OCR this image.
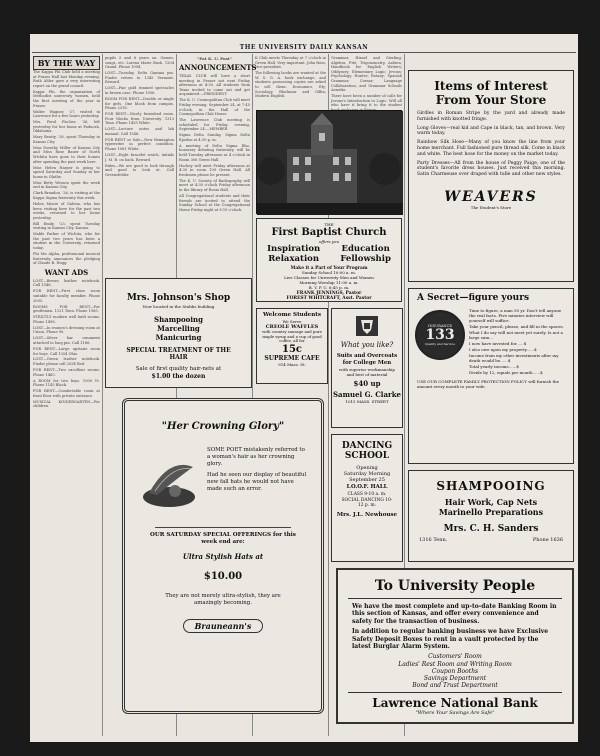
THE UNIVERSITY DAILY KANSAN
BY THE WAY

The Kappa Phi Club held a meeting at Fraser Hall last Monday evening. Ruth Ahler gave a very interesting report on the grand council.

Kappa Phi, the organization of Methodist university women, held the first meeting of the year in Fraser.

Walter Wagner, '27, visited in Lawrence for a few hours yesterday.

Mrs. Ferol Fischer, '26, left yesterday for her home at Paducah, Oklahoma.

Mary Beatty, '26, spent Thursday in Kansas City.

Miss Dorothy Miller of Kansas City and Miss Rose Bauer of North Wichita have gone to their homes after spending the past week here.

Miss Helen Harper is going to spend Saturday and Sunday in her home in Olathe.

Miss Betty Wesson spent the week end in Kansas City.

Clark Brandon, '26, is visiting at the Kappa Sigma fraternity this week.

Helen Moore of Galena, who has been visiting here for the past two weeks, returned to her home yesterday.

Bill Emily, '23, spent Tuesday visiting in Kansas City, Kansas.

Mable Parker of Wichita, who for the past two years has been a student in the University, returned today.

Phi Mu Alpha, professional musical fraternity, announces the pledging of Claude B. Hogg.

WANT ADS

LOST—Brown leather notebook. Call 1546.

FOR RENT—First class room suitable for faculty member. Phone 2005.

ROOMS FOR RENT—For gentlemen. 1121 Tenn. Phone 1965.

STRICTLY modern well built rooms. Phone 1498.

LOST—In women's dressing room at Union. Phone 90.

LOST—Silver bar ornament attached to long pin. Call 1186.

FOR RENT—Large upstairs room for boys. Call 1354 Ohio.

LOST—Green leather notebook. Finder please call 2054 Red.

FOR RENT—Two excellent rooms. Phone 1465.

A ROOM for two boys. 1000 Vt. Phone 1145 Black.

FOR RENT—Comfortable room at front floor with private entrance.

MUSICAL KINDERGARTEN—For children.

pupils 5 and 6 years on. Games, songs, etc. Lorena Marie Bush, 1204 Grand. Phone 1994.

LOST—Tuesday, Delta Gamma pin. Finder return to 1345 Vermont. Reward.

LOST—Pair gold rimmed spectacles in brown case. Phone 1936.

ROOM FOR RENT—Double or single for girls. One block from campus. Phone 2318.

FOR RENT—Nicely furnished room. Four blocks from University. 1313 Tenn. Phone 1455 White.

LOST—Lecture notes and lab manual. Call 1546.

FOR RENT or Sale—New Remington typewriter in perfect condition. Phone 1061 White.

LOST—Eight bracelet watch, initials J. M. B. on back. Reward.

Rides—We are good to look through and good to look at. Call Greensfelder.

"Pat K. U. Post"
ANNOUNCEMENTS

TEXAS CLUB will have a short meeting in Fraser not next Friday afternoon at 4:30. All students from Texas invited to come out and get acquainted.—PRESIDENT.

The K. U. Cosmopolitan Club will meet Friday evening, September 24, at 7:45 o'clock, in the Hall of the Cosmopolitan Club House.

The Lawrence Club meeting is scheduled for Friday evening, September 24.—MEMBER

Sigma Delta Sunday, Sigma Delta Epsilon at 4:30 p. m.

A meeting of Delta Sigma Rho, honorary debating fraternity, will be held Tuesday afternoon at 4 o'clock in Room 306 Green Hall.

Hockey will meet Friday afternoon at 4:30 in room 109 Green Hall. All freshmen please be present.

The K. U. Society of Radiography will meet at 4:30 o'clock Friday afternoon in the library of Room Hall.

All Congregational students and their friends are invited to attend the Sunday School at the Congregational Home Friday night at 8:15 o'clock.

K Club meets Thursday at 7 o'clock in Green Hall. Very important. John Ross, vice-president.

The following books are wanted at the W. S. G. A. book exchange, and students possessing copies are asked to sell them: Economics, Ely; Sociology, Blackmar and Gillin; Modern English.

Grammar, Hinsel and Sterling; Algebra, Fite; Trigonometry, Ashton; Handbook for English Writers; Oddyssey; Elementary Logic; Jevons; Psychology, Hunter; Botany; Spanish Grammar; Caesar; Language Collaboration; and Grammar Schools Aeneiks.

There have been a number of calls for Jevons's Introduction to Logic. Will all who have it bring it to the student

THE
First Baptist Church
offers you
Inspiration
Relaxation
Education
Fellowship
Make it a Part of Your Program
Sunday School 10:00 a. m.
Live Classes for University Men and Women
Morning Worship 11:00 a. m.
B. Y. P. U. 6:45 p. m.
FRANK JENNINGS, Pastor
FOREST WHITCRAFT, Asst. Pastor
Mrs. Johnson's Shop
Now located in the Stubbs building
Shampooing
Marcelling
Manicuring
SPECIAL TREATMENT OF THE HAIR
Sale of first quality hair-nets at
$1.00 the dozen
Welcome Students
We Serve
CREOLE WAFFLES
with country sausage and pure maple syrup and a cup of good coffee, all for
15c
SUPREME CAFE
914 Mass. St.
What you like?
Suits and Overcoats
for College Men
with superior workmanship and best of material
$40 up
Samuel G. Clarke
1015 MASS. STREET
"Her Crowning Glory"
SOME POET mistakenly referred to a woman's hair as her crowning glory.
Had he seen our display of beautiful new fall hats he would not have made such an error.
OUR SATURDAY SPECIAL OFFERINGS for this week end are:
Ultra Stylish Hats at
$10.00
They are not merely ultra-stylish, they are amazingly becoming.
Brauneann's
DANCING SCHOOL
Opening
Saturday Morning
September 25
I.O.O.F. HALL
CLASS 9-10 a. m.
SOCIAL DANCING 10-12 p. m.
Mrs. J.L. Newhouse
Items of Interest From Your Store

Girdles in Roman Stripe by the yard and already made furnished with knotted fringe.

Long Gloves—real kid and Cape in black, tan, and brown. Very warm today.

Rainbow Silk Hose—Many of you know the line from your home merchant. Full fashioned pure thread silk. Come in black and white. The best hose for the money on the market today.

Party Dresses—All from the house of Peggy Paige, one of the student's favorite dress houses. Just received this morning. Satin Charmeuse over draped with tulle and other new styles.

WEAVERS
The Student's Store
A Secret—figure yours
INSURANCE
133
Quality and Service
Time to figure, a man 50 yr. Don't tell anyone the real facts. Five minutes interview will yourself will suffice.
Take your pencil, please, and fill in the spaces.
What I do say will not meet yet surely. Is not a large sum...
I now have invested for......$
I also owe upon my property......$
Income from my other investments after my death would be......$
Total yearly income......$
Divide by 12, equals per month......$
USE OUR COMPLETE FAMILY PROTECTION POLICY will furnish the amount every month to your wife.
SHAMPOOING
Hair Work, Cap Nets
Marinello Preparations
Mrs. C. H. Sanders
1316 Tenn.	Phone 1636
To University People
We have the most complete and up-to-date Banking Room in this section of Kansas, and offer every convenience and safety for the transaction of business.
In addition to regular banking business we have Exclusive Safety Deposit Boxes to rent in a vault protected by the latest Burglar Alarm System.
Customers' Room
Ladies' Rest Room and Writing Room
Coupon Booths
Savings Department
Bond and Trust Department
Lawrence National Bank
"Where Your Savings Are Safe"
